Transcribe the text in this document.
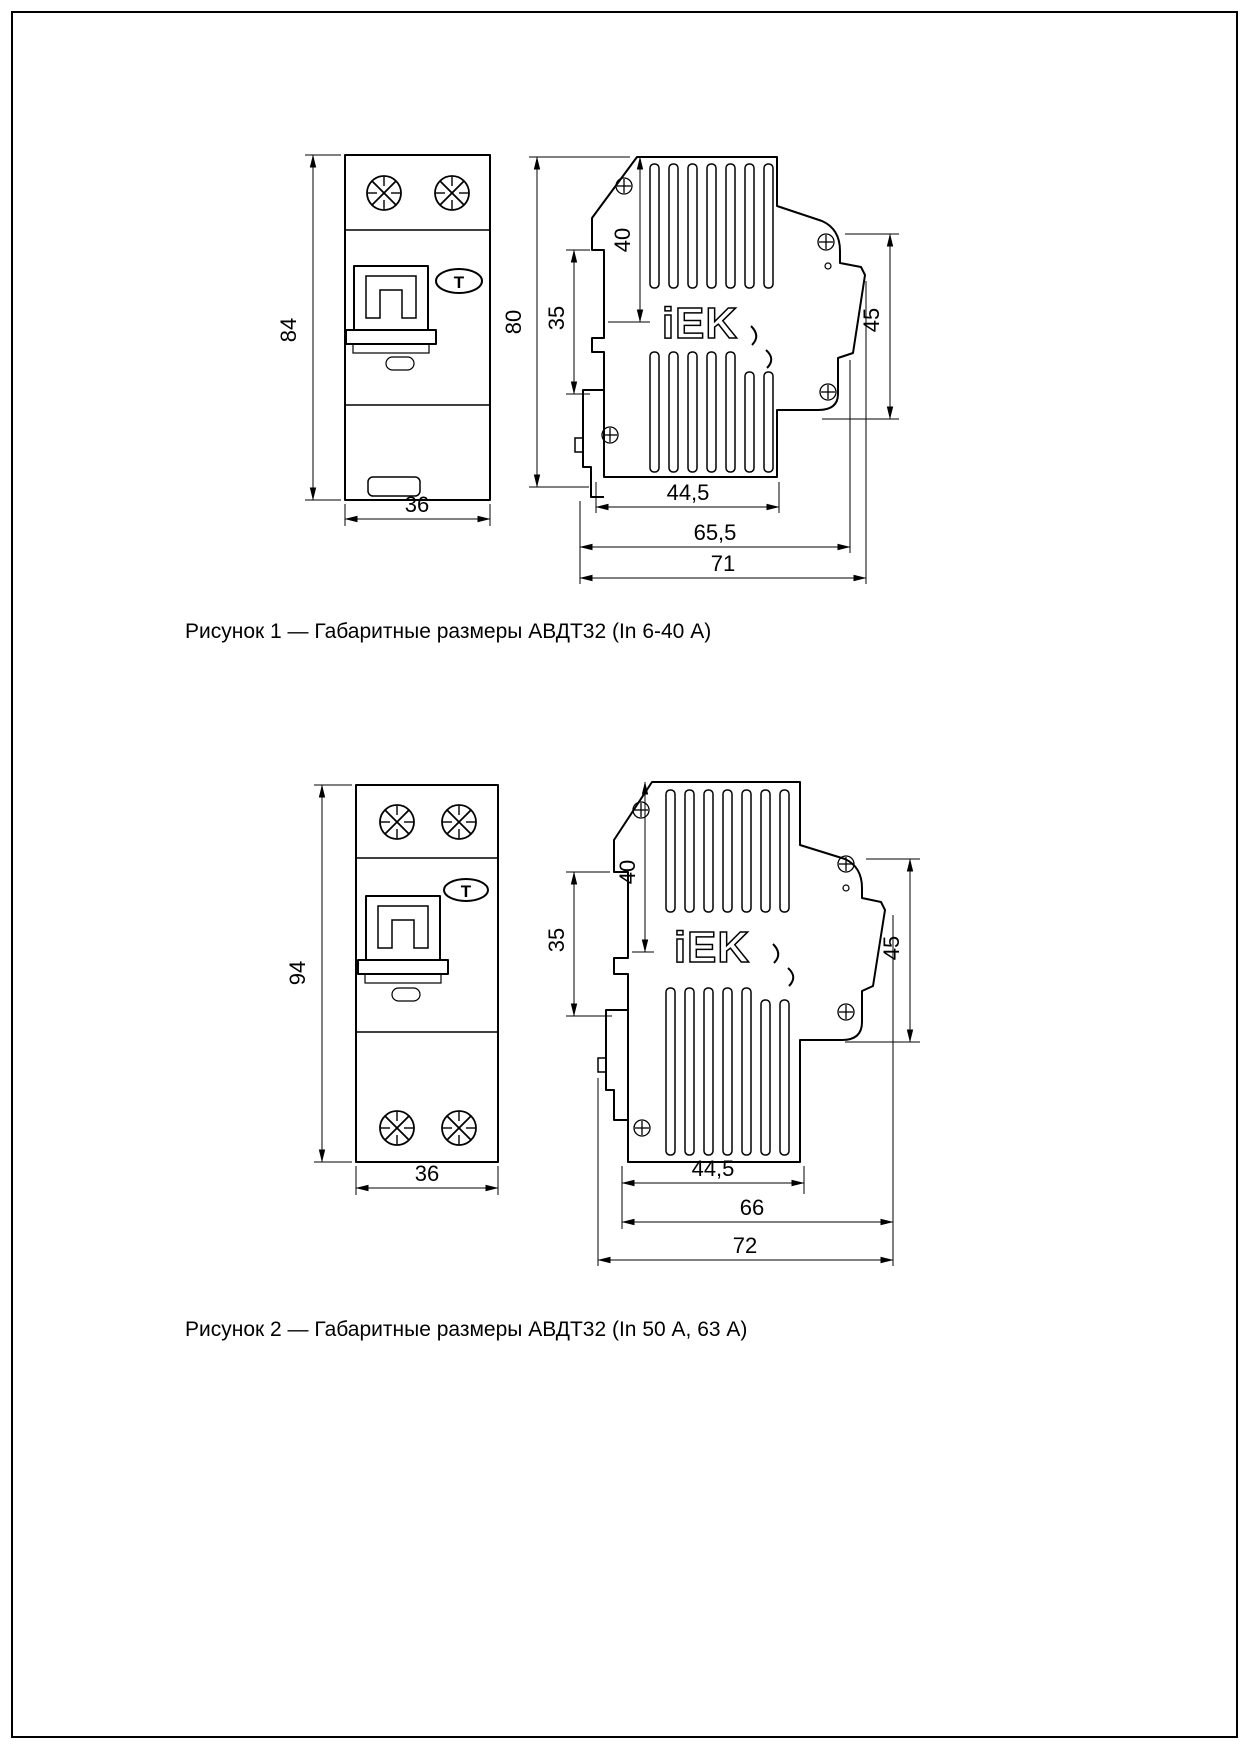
T
84
36
iEK
80
40
35	45
44,5
65,5
71
T
94
36
iEK
40
35	45
44,5
66
72
Рисунок 1 — Габаритные размеры АВДТ32 (In 6-40 А)
Рисунок 2 — Габаритные размеры АВДТ32 (In 50 А, 63 А)
